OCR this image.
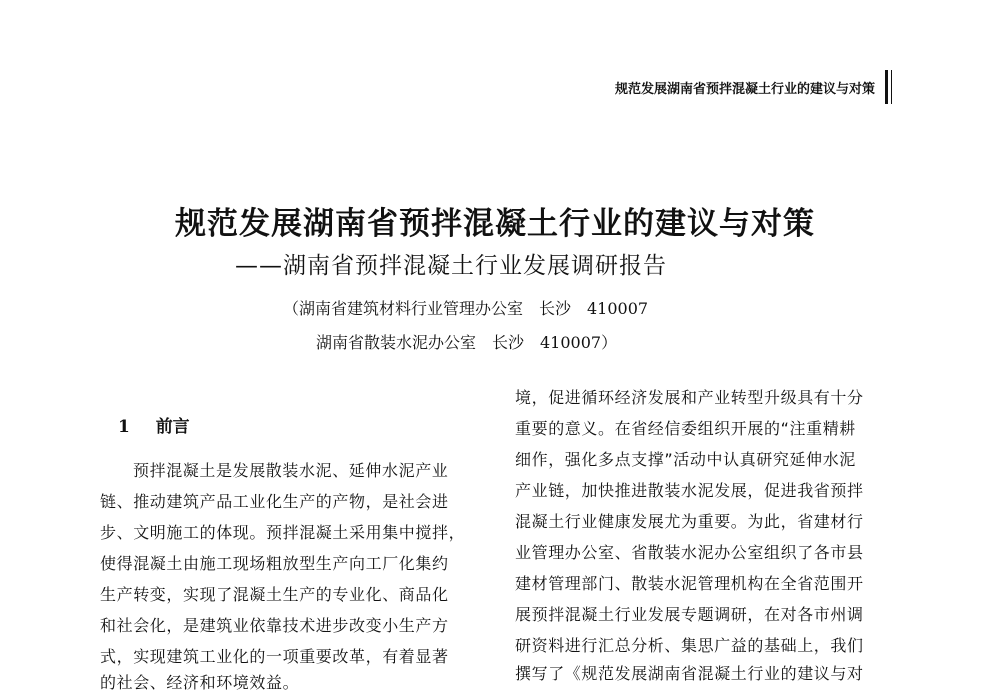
规范发展湖南省预拌混凝土行业的建议与对策
规范发展湖南省预拌混凝土行业的建议与对策
——湖南省预拌混凝土行业发展调研报告
（湖南省建筑材料行业管理办公室　长沙　410007
湖南省散装水泥办公室　长沙　410007）
1 前言
预拌混凝土是发展散装水泥、延伸水泥产业
链、推动建筑产品工业化生产的产物，是社会进
步、文明施工的体现。预拌混凝土采用集中搅拌，
使得混凝土由施工现场粗放型生产向工厂化集约
生产转变，实现了混凝土生产的专业化、商品化
和社会化，是建筑业依靠技术进步改变小生产方
式，实现建筑工业化的一项重要改革，有着显著
的社会、经济和环境效益。
境，促进循环经济发展和产业转型升级具有十分
重要的意义。在省经信委组织开展的“注重精耕
细作，强化多点支撑”活动中认真研究延伸水泥
产业链，加快推进散装水泥发展，促进我省预拌
混凝土行业健康发展尤为重要。为此，省建材行
业管理办公室、省散装水泥办公室组织了各市县
建材管理部门、散装水泥管理机构在全省范围开
展预拌混凝土行业发展专题调研，在对各市州调
研资料进行汇总分析、集思广益的基础上，我们
撰写了《规范发展湖南省混凝土行业的建议与对
